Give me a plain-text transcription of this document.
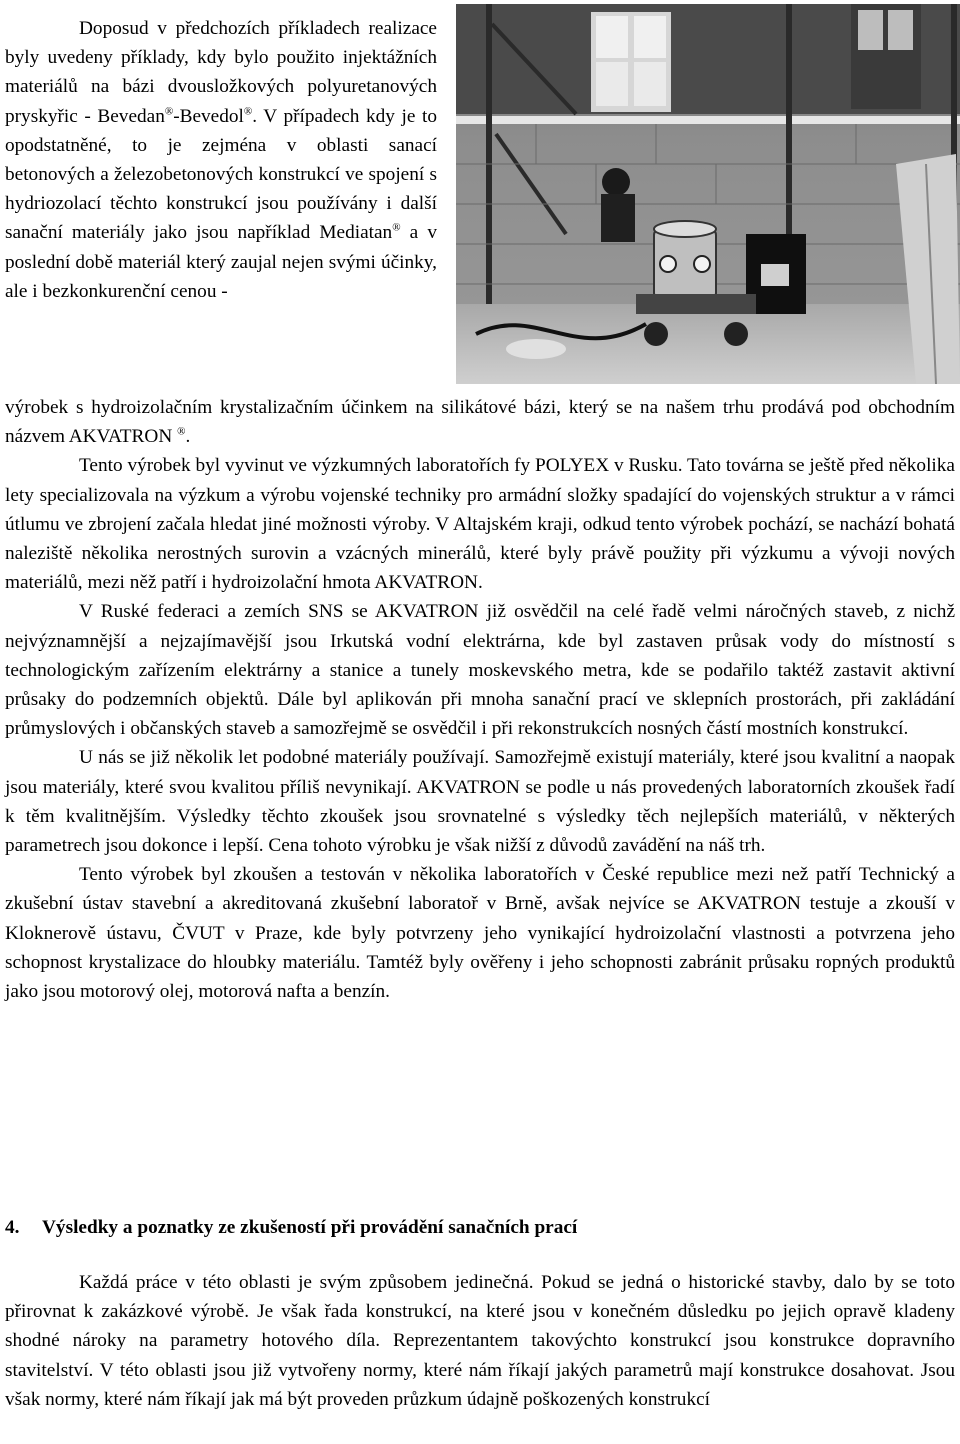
Doposud v předchozích příkladech realizace byly uvedeny příklady, kdy bylo použito injektážních materiálů na bázi dvousložkových polyuretanových pryskyřic - Bevedan®-Bevedol®. V případech kdy je to opodstatněné, to je zejména v oblasti sanací betonových a železobetonových konstrukcí ve spojení s hydriozolací těchto konstrukcí jsou používány i další sanační materiály jako jsou například Mediatan® a v poslední době materiál který zaujal nejen svými účinky, ale i bezkonkurenční cenou -

výrobek s hydroizolačním krystalizačním účinkem na silikátové bázi, který se na našem trhu prodává pod obchodním názvem AKVATRON ®.

Tento výrobek byl vyvinut ve výzkumných laboratořích fy POLYEX v Rusku. Tato továrna se ještě před několika lety specializovala na výzkum a výrobu vojenské techniky pro armádní složky spadající do vojenských struktur a v rámci útlumu ve zbrojení začala hledat jiné možnosti výroby. V Altajském kraji, odkud tento výrobek pochází, se nachází bohatá naleziště několika nerostných surovin a vzácných minerálů, které byly právě použity při výzkumu a vývoji nových materiálů, mezi něž patří i hydroizolační hmota AKVATRON.

V Ruské federaci a zemích SNS se AKVATRON již osvědčil na celé řadě velmi náročných staveb, z nichž nejvýznamnější a nejzajímavější jsou Irkutská vodní elektrárna, kde byl zastaven průsak vody do místností s technologickým zařízením elektrárny a stanice a tunely moskevského metra, kde se podařilo taktéž zastavit aktivní průsaky do podzemních objektů. Dále byl aplikován při mnoha sanační prací ve sklepních prostorách, při zakládání průmyslových i občanských staveb a samozřejmě se osvědčil i při rekonstrukcích nosných částí mostních konstrukcí.

U nás se již několik let podobné materiály používají. Samozřejmě existují materiály, které jsou kvalitní a naopak jsou materiály, které svou kvalitou příliš nevynikají. AKVATRON se podle u nás provedených laboratorních zkoušek řadí k těm kvalitnějším. Výsledky těchto zkoušek jsou srovnatelné s výsledky těch nejlepších materiálů, v některých parametrech jsou dokonce i lepší. Cena tohoto výrobku je však nižší z důvodů zavádění na náš trh.

Tento výrobek byl zkoušen a testován v několika laboratořích v České republice mezi než patří Technický a zkušební ústav stavební a akreditovaná zkušební laboratoř v Brně, avšak nejvíce se AKVATRON testuje a zkouší v Kloknerově ústavu, ČVUT v Praze, kde byly potvrzeny jeho vynikající hydroizolační vlastnosti a potvrzena jeho schopnost krystalizace do hloubky materiálu. Tamtéž byly ověřeny i jeho schopnosti zabránit průsaku ropných produktů jako jsou motorový olej, motorová nafta a benzín.

4. Výsledky a poznatky ze zkušeností při provádění sanačních prací

Každá práce v této oblasti je svým způsobem jedinečná. Pokud se jedná o historické stavby, dalo by se toto přirovnat k zakázkové výrobě. Je však řada konstrukcí, na které jsou v konečném důsledku po jejich opravě kladeny shodné nároky na parametry hotového díla. Reprezentantem takovýchto konstrukcí jsou konstrukce dopravního stavitelství. V této oblasti jsou již vytvořeny normy, které nám říkají jakých parametrů mají konstrukce dosahovat. Jsou však normy, které nám říkají jak má být proveden průzkum údajně poškozených konstrukcí
